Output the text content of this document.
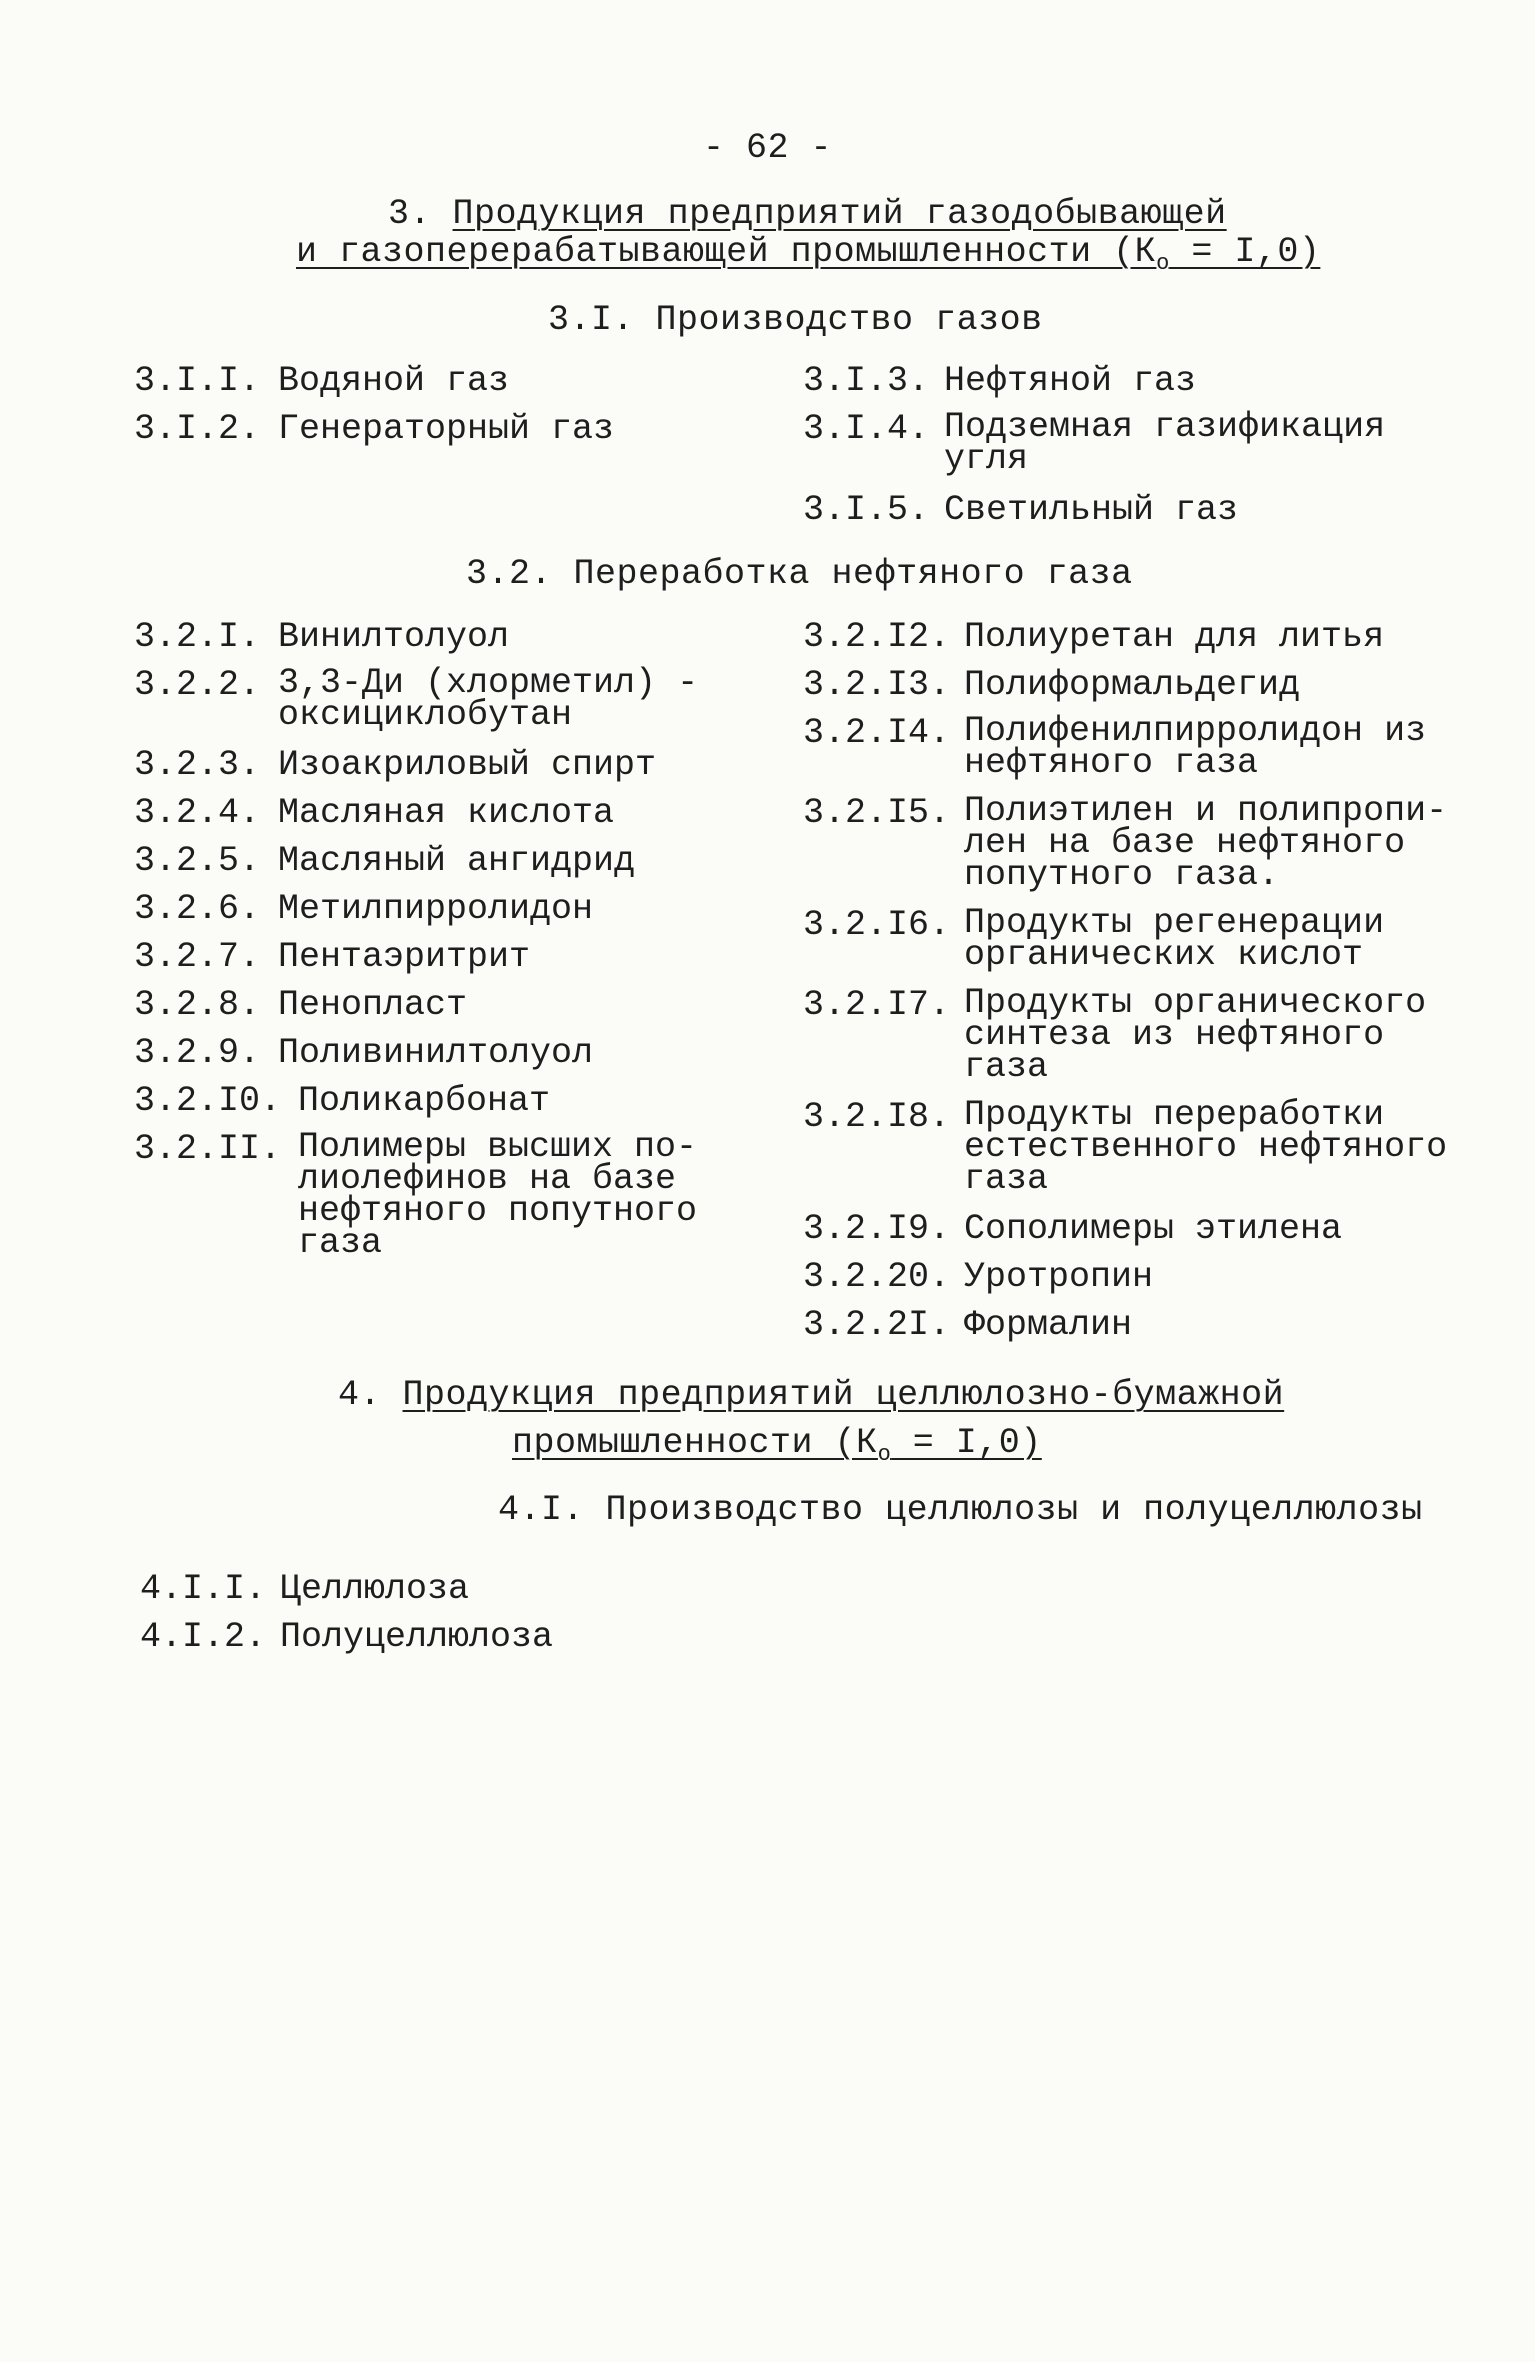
- 62 -
3. Продукция предприятий газодобывающей
и газоперерабатывающей промышленности $(К_о = I,0)$
3.I. Производство газов
3.I.I. Водяной газ
3.I.2. Генераторный газ
3.I.3. Нефтяной газ
3.I.4. Подземная газификация
угля
3.I.5. Светильный газ
3.2. Переработка нефтяного газа
3.2.I. Винилтолуол
3.2.2. 3,3-Ди (хлорметил) -
оксициклобутан
3.2.3. Изоакриловый спирт
3.2.4. Масляная кислота
3.2.5. Масляный ангидрид
3.2.6. Метилпирролидон
3.2.7. Пентаэритрит
3.2.8. Пенопласт
3.2.9. Поливинилтолуол
3.2.I0. Поликарбонат
3.2.II. Полимеры высших по-
лиолефинов на базе
нефтяного попутного
газа
3.2.I2. Полиуретан для литья
3.2.I3. Полиформальдегид
3.2.I4. Полифенилпирролидон из
нефтяного газа
3.2.I5. Полиэтилен и полипропи-
лен на базе нефтяного
попутного газа.
3.2.I6. Продукты регенерации
органических кислот
3.2.I7. Продукты органического
синтеза из нефтяного
газа
3.2.I8. Продукты переработки
естественного нефтяного
газа
3.2.I9. Сополимеры этилена
3.2.20. Уротропин
3.2.2I. Формалин
4. Продукция предприятий целлюлозно-бумажной
промышленности $(К_о = I,0)$
4.I. Производство целлюлозы и полуцеллюлозы
4.I.I. Целлюлоза
4.I.2. Полуцеллюлоза
